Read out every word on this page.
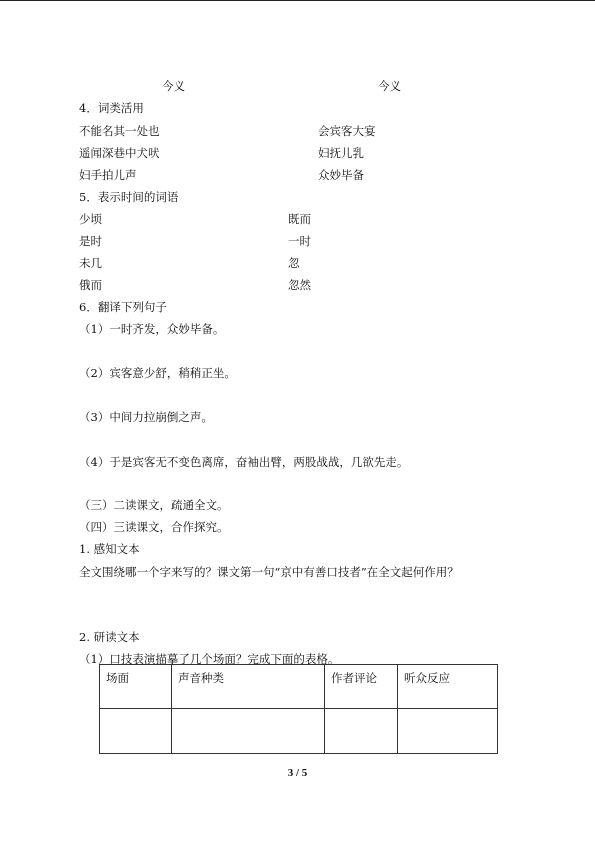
今义	今义
4．词类活用
不能名其一处也	会宾客大宴
遥闻深巷中犬吠	妇抚儿乳
妇手拍儿声	众妙毕备
5．表示时间的词语
少顷	既而
是时	一时
未几	忽
俄而	忽然
6．翻译下列句子
（1）一时齐发，众妙毕备。
（2）宾客意少舒，稍稍正坐。
（3）中间力拉崩倒之声。
（4）于是宾客无不变色离席，奋袖出臂，两股战战，几欲先走。
（三）二读课文，疏通全文。
（四）三读课文，合作探究。
1. 感知文本
全文围绕哪一个字来写的？课文第一句“京中有善口技者”在全文起何作用？
2. 研读文本
（1）口技表演描摹了几个场面？完成下面的表格。
场面	声音种类	作者评论	听众反应

3 / 5
